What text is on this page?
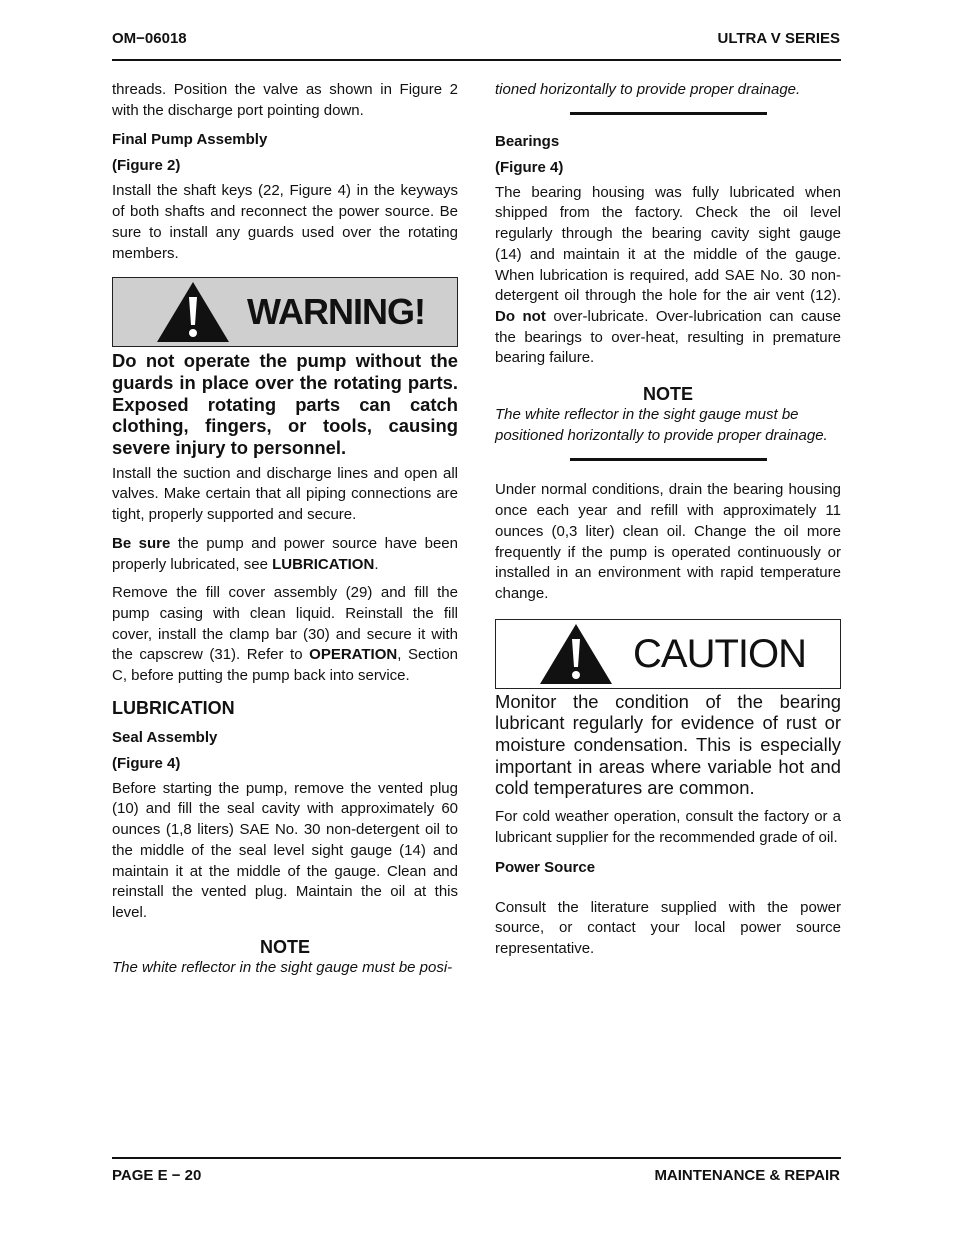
OM−06018	ULTRA V SERIES

threads. Position the valve as shown in Figure 2 with the discharge port pointing down.

Final Pump Assembly
(Figure 2)

Install the shaft keys (22, Figure 4) in the keyways of both shafts and reconnect the power source. Be sure to install any guards used over the rotating members.

WARNING!
Do not operate the pump without the guards in place over the rotating parts. Exposed rotating parts can catch clothing, fingers, or tools, causing severe injury to personnel.

Install the suction and discharge lines and open all valves. Make certain that all piping connections are tight, properly supported and secure.

Be sure the pump and power source have been properly lubricated, see LUBRICATION.

Remove the fill cover assembly (29) and fill the pump casing with clean liquid. Reinstall the fill cover, install the clamp bar (30) and secure it with the capscrew (31). Refer to OPERATION, Section C, before putting the pump back into service.

LUBRICATION
Seal Assembly
(Figure 4)

Before starting the pump, remove the vented plug (10) and fill the seal cavity with approximately 60 ounces (1,8 liters) SAE No. 30 non-detergent oil to the middle of the seal level sight gauge (14) and maintain it at the middle of the gauge. Clean and reinstall the vented plug. Maintain the oil at this level.

NOTE

The white reflector in the sight gauge must be posi-

tioned horizontally to provide proper drainage.

Bearings
(Figure 4)

The bearing housing was fully lubricated when shipped from the factory. Check the oil level regularly through the bearing cavity sight gauge (14) and maintain it at the middle of the gauge. When lubrication is required, add SAE No. 30 non-detergent oil through the hole for the air vent (12). Do not over-lubricate. Over-lubrication can cause the bearings to over-heat, resulting in premature bearing failure.

NOTE

The white reflector in the sight gauge must be positioned horizontally to provide proper drainage.

Under normal conditions, drain the bearing housing once each year and refill with approximately 11 ounces (0,3 liter) clean oil. Change the oil more frequently if the pump is operated continuously or installed in an environment with rapid temperature change.

CAUTION
Monitor the condition of the bearing lubricant regularly for evidence of rust or moisture condensation. This is especially important in areas where variable hot and cold temperatures are common.

For cold weather operation, consult the factory or a lubricant supplier for the recommended grade of oil.

Power Source

Consult the literature supplied with the power source, or contact your local power source representative.

PAGE E − 20	MAINTENANCE & REPAIR
